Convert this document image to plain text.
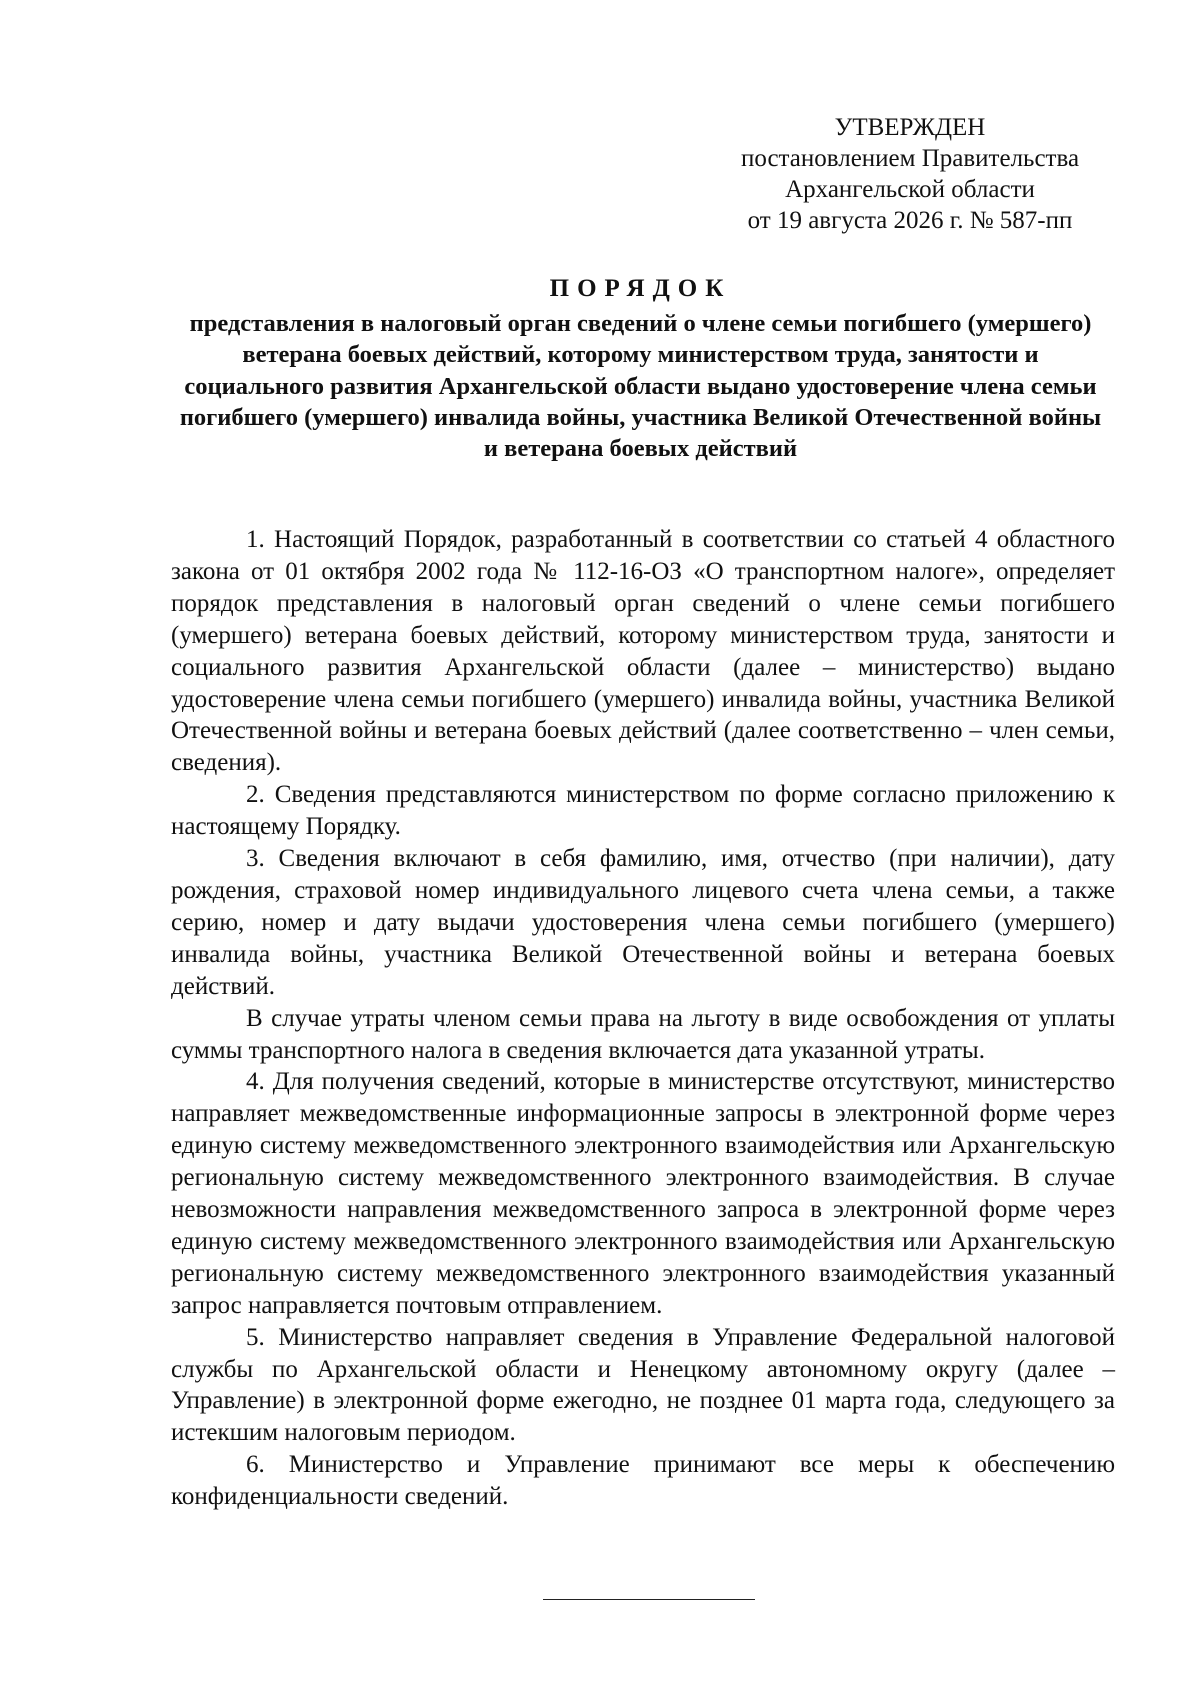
УТВЕРЖДЕН
постановлением Правительства
Архангельской области
от 19 августа 2026 г. № 587-пп
ПОРЯДОК
представления в налоговый орган сведений о члене семьи погибшего (умершего) ветерана боевых действий, которому министерством труда, занятости и социального развития Архангельской области выдано удостоверение члена семьи погибшего (умершего) инвалида войны, участника Великой Отечественной войны и ветерана боевых действий

1. Настоящий Порядок, разработанный в соответствии со статьей 4 областного закона от 01 октября 2002 года № 112-16-ОЗ «О транспортном налоге», определяет порядок представления в налоговый орган сведений о члене семьи погибшего (умершего) ветерана боевых действий, которому министерством труда, занятости и социального развития Архангельской области (далее – министерство) выдано удостоверение члена семьи погибшего (умершего) инвалида войны, участника Великой Отечественной войны и ветерана боевых действий (далее соответственно – член семьи, сведения).

2. Сведения представляются министерством по форме согласно приложению к настоящему Порядку.

3. Сведения включают в себя фамилию, имя, отчество (при наличии), дату рождения, страховой номер индивидуального лицевого счета члена семьи, а также серию, номер и дату выдачи удостоверения члена семьи погибшего (умершего) инвалида войны, участника Великой Отечественной войны и ветерана боевых действий.

В случае утраты членом семьи права на льготу в виде освобождения от уплаты суммы транспортного налога в сведения включается дата указанной утраты.

4. Для получения сведений, которые в министерстве отсутствуют, министерство направляет межведомственные информационные запросы в электронной форме через единую систему межведомственного электронного взаимодействия или Архангельскую региональную систему межведомственного электронного взаимодействия. В случае невозможности направления межведомственного запроса в электронной форме через единую систему межведомственного электронного взаимодействия или Архангельскую региональную систему межведомственного электронного взаимодействия указанный запрос направляется почтовым отправлением.

5. Министерство направляет сведения в Управление Федеральной налоговой службы по Архангельской области и Ненецкому автономному округу (далее – Управление) в электронной форме ежегодно, не позднее 01 марта года, следующего за истекшим налоговым периодом.

6. Министерство и Управление принимают все меры к обеспечению конфиденциальности сведений.
